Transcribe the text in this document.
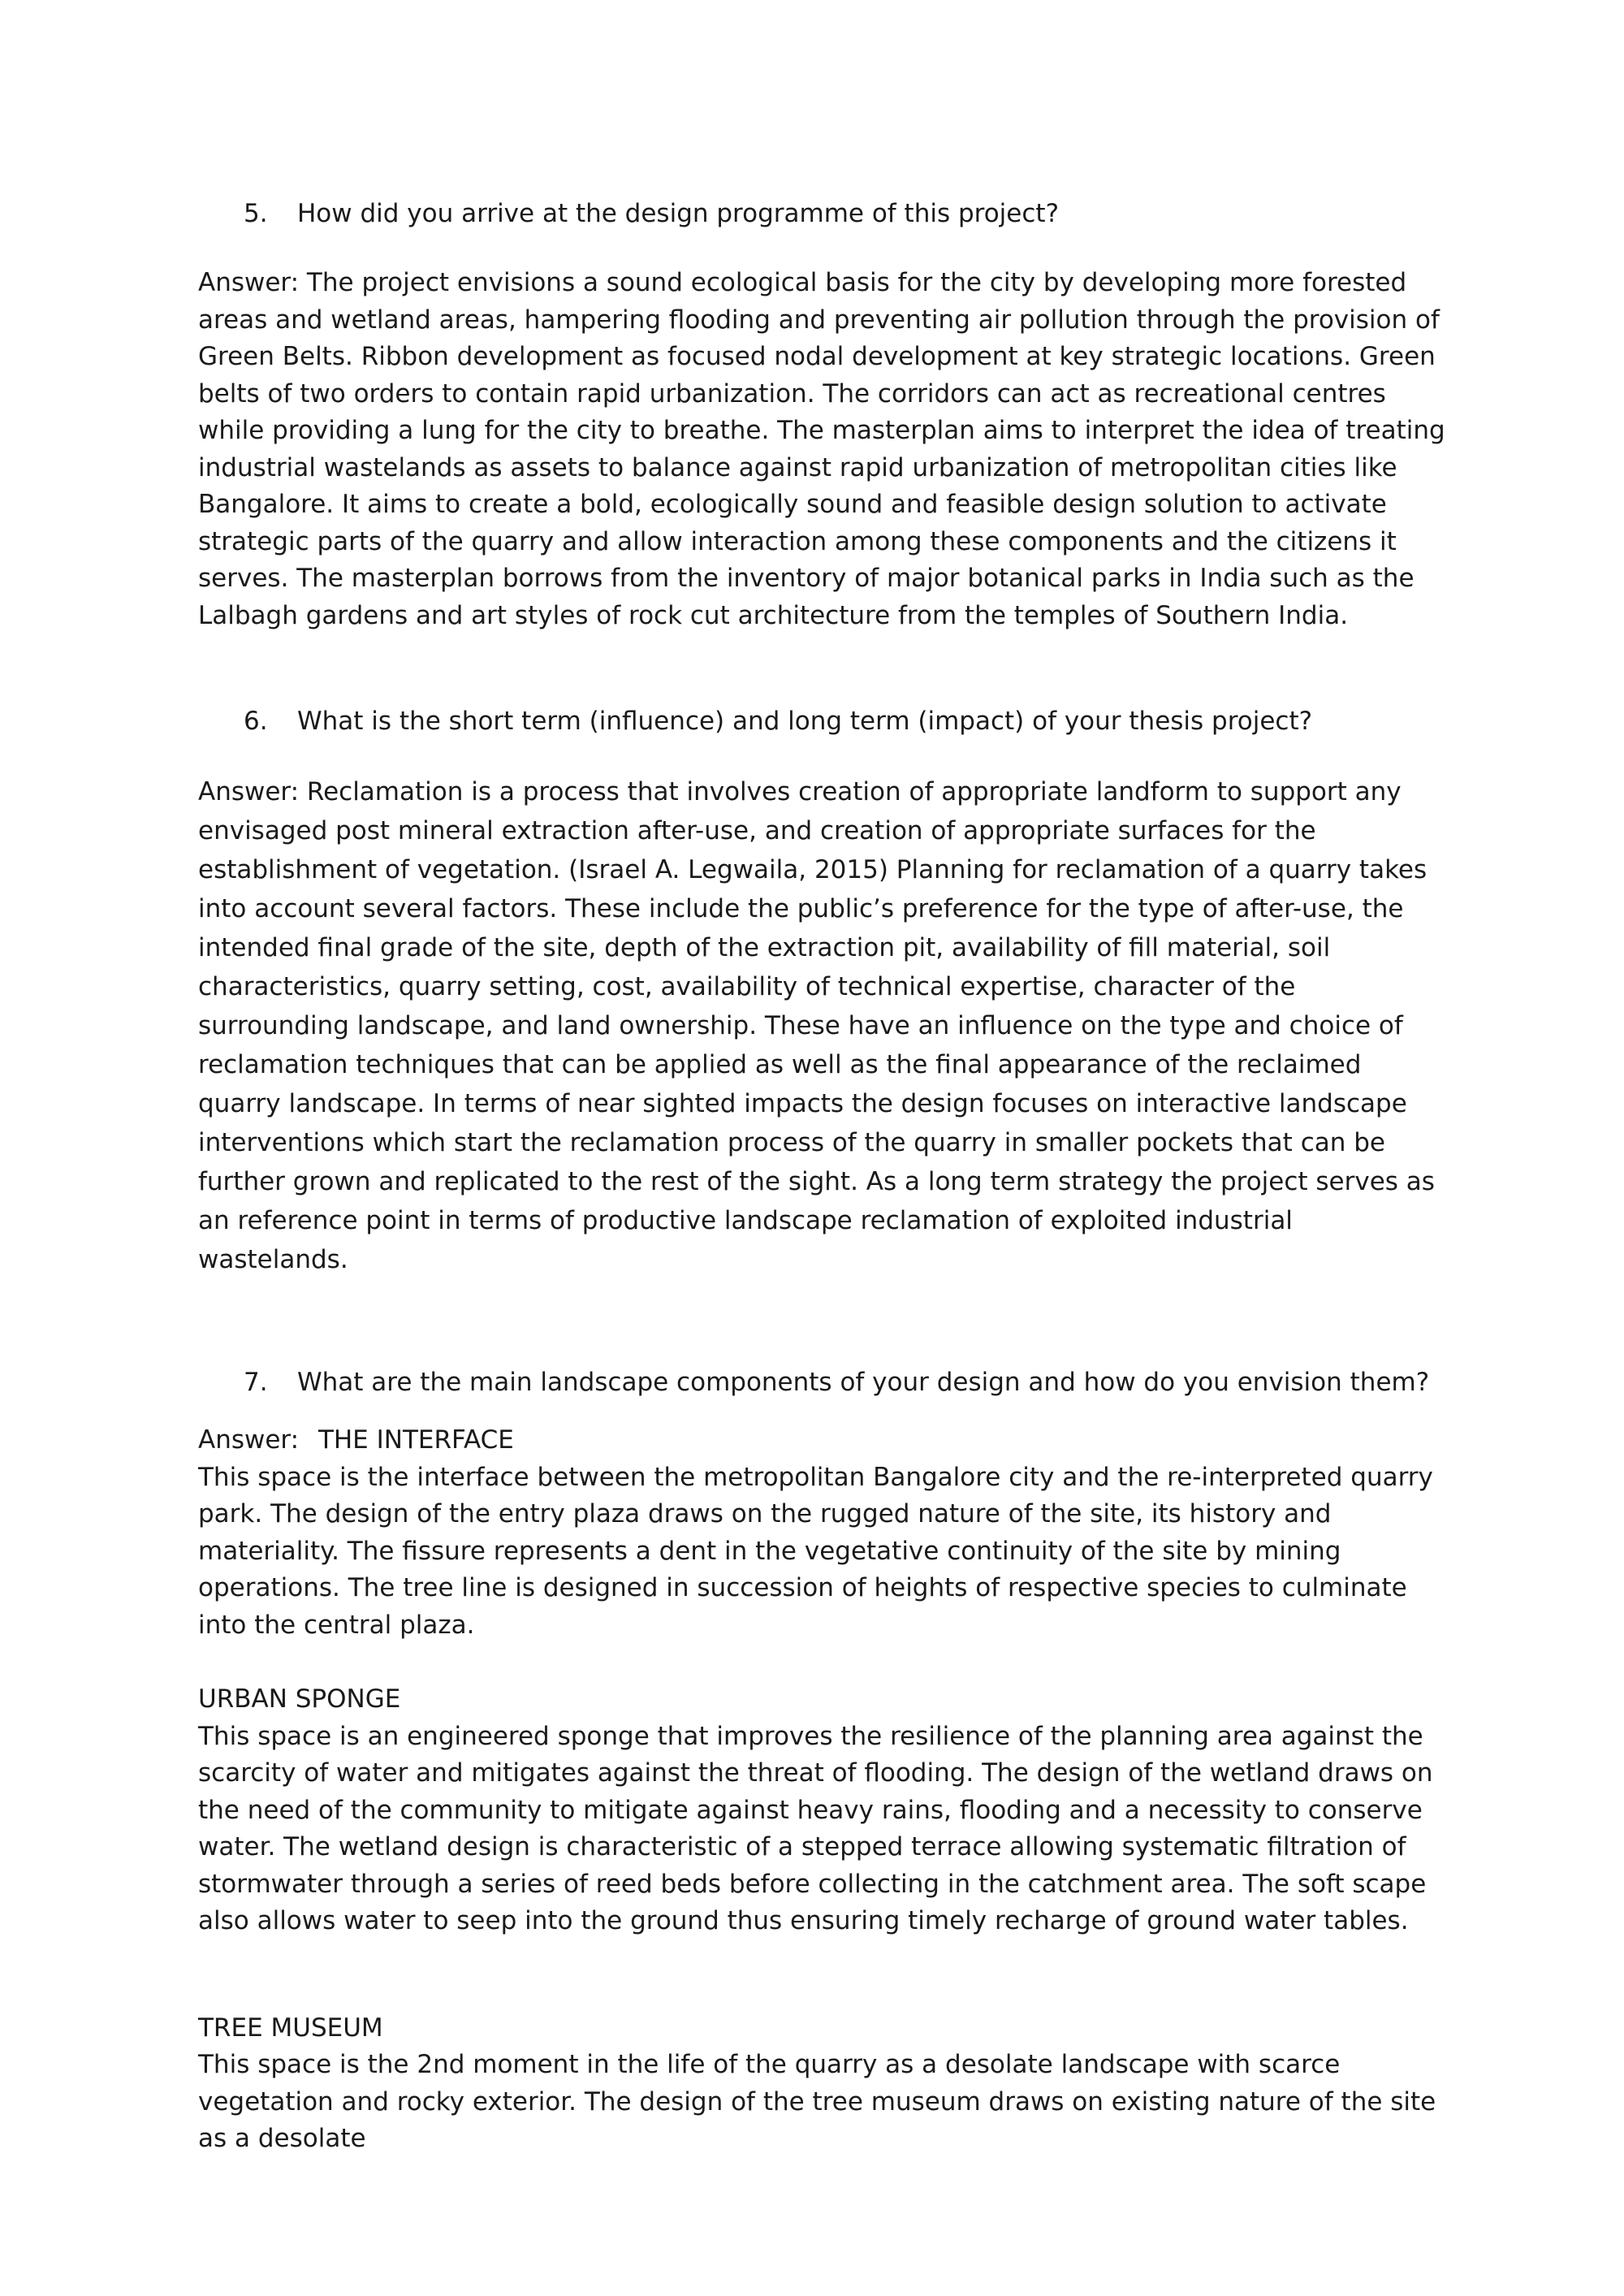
5.	How did you arrive at the design programme of this project?

Answer: The project envisions a sound ecological basis for the city by developing more forested areas and wetland areas, hampering flooding and preventing air pollution through the provision of Green Belts. Ribbon development as focused nodal development at key strategic locations. Green belts of two orders to contain rapid urbanization. The corridors can act as recreational centres while providing a lung for the city to breathe. The masterplan aims to interpret the idea of treating industrial wastelands as assets to balance against rapid urbanization of metropolitan cities like Bangalore. It aims to create a bold, ecologically sound and feasible design solution to activate strategic parts of the quarry and allow interaction among these components and the citizens it serves. The masterplan borrows from the inventory of major botanical parks in India such as the Lalbagh gardens and art styles of rock cut architecture from the temples of Southern India.

6.	What is the short term (influence) and long term (impact) of your thesis project?

Answer: Reclamation is a process that involves creation of appropriate landform to support any envisaged post mineral extraction after-use, and creation of appropriate surfaces for the establishment of vegetation. (Israel A. Legwaila, 2015) Planning for reclamation of a quarry takes into account several factors. These include the public’s preference for the type of after-use, the intended final grade of the site, depth of the extraction pit, availability of fill material, soil characteristics, quarry setting, cost, availability of technical expertise, character of the surrounding landscape, and land ownership. These have an influence on the type and choice of reclamation techniques that can be applied as well as the final appearance of the reclaimed quarry landscape. In terms of near sighted impacts the design focuses on interactive landscape interventions which start the reclamation process of the quarry in smaller pockets that can be further grown and replicated to the rest of the sight. As a long term strategy the project serves as an reference point in terms of productive landscape reclamation of exploited industrial wastelands.

7.	What are the main landscape components of your design and how do you envision them?

Answer: THE INTERFACE

This space is the interface between the metropolitan Bangalore city and the re-interpreted quarry park. The design of the entry plaza draws on the rugged nature of the site, its history and materiality. The fissure represents a dent in the vegetative continuity of the site by mining operations. The tree line is designed in succession of heights of respective species to culminate into the central plaza.

URBAN SPONGE

This space is an engineered sponge that improves the resilience of the planning area against the scarcity of water and mitigates against the threat of flooding. The design of the wetland draws on the need of the community to mitigate against heavy rains, flooding and a necessity to conserve water. The wetland design is characteristic of a stepped terrace allowing systematic filtration of stormwater through a series of reed beds before collecting in the catchment area. The soft scape also allows water to seep into the ground thus ensuring timely recharge of ground water tables.

TREE MUSEUM

This space is the 2nd moment in the life of the quarry as a desolate landscape with scarce vegetation and rocky exterior. The design of the tree museum draws on existing nature of the site as a desolate
